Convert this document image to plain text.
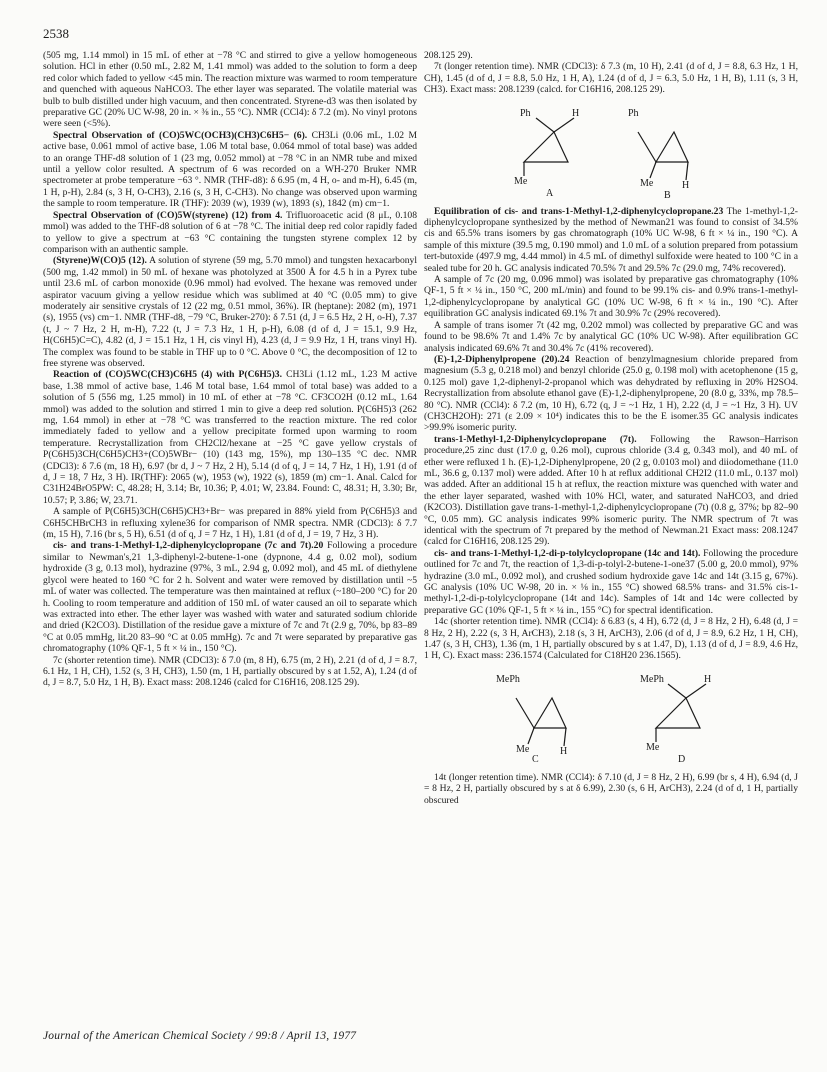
2538

(505 mg, 1.14 mmol) in 15 mL of ether at −78 °C and stirred to give a yellow homogeneous solution. HCl in ether (0.50 mL, 2.82 M, 1.41 mmol) was added to the solution to form a deep red color which faded to yellow <45 min. The reaction mixture was warmed to room temperature and quenched with aqueous NaHCO3. The ether layer was separated. The volatile material was bulb to bulb distilled under high vacuum, and then concentrated. Styrene-d3 was then isolated by preparative GC (20% UC W-98, 20 in. × ⅜ in., 55 °C). NMR (CCl4): δ 7.2 (m). No vinyl protons were seen (<5%).

Spectral Observation of (CO)5WC(OCH3)(CH3)C6H5− (6). CH3Li (0.06 mL, 1.02 M active base, 0.061 mmol of active base, 1.06 M total base, 0.064 mmol of total base) was added to an orange THF-d8 solution of 1 (23 mg, 0.052 mmol) at −78 °C in an NMR tube and mixed until a yellow color resulted. A spectrum of 6 was recorded on a WH-270 Bruker NMR spectrometer at probe temperature −63 °. NMR (THF-d8): δ 6.95 (m, 4 H, o- and m-H), 6.45 (m, 1 H, p-H), 2.84 (s, 3 H, O-CH3), 2.16 (s, 3 H, C-CH3). No change was observed upon warming the sample to room temperature. IR (THF): 2039 (w), 1939 (w), 1893 (s), 1842 (m) cm−1.

Spectral Observation of (CO)5W(styrene) (12) from 4. Trifluoroacetic acid (8 μL, 0.108 mmol) was added to the THF-d8 solution of 6 at −78 °C. The initial deep red color rapidly faded to yellow to give a spectrum at −63 °C containing the tungsten styrene complex 12 by comparison with an authentic sample.

(Styrene)W(CO)5 (12). A solution of styrene (59 mg, 5.70 mmol) and tungsten hexacarbonyl (500 mg, 1.42 mmol) in 50 mL of hexane was photolyzed at 3500 Å for 4.5 h in a Pyrex tube until 23.6 mL of carbon monoxide (0.96 mmol) had evolved. The hexane was removed under aspirator vacuum giving a yellow residue which was sublimed at 40 °C (0.05 mm) to give moderately air sensitive crystals of 12 (22 mg, 0.51 mmol, 36%). IR (heptane): 2082 (m), 1971 (s), 1955 (vs) cm−1. NMR (THF-d8, −79 °C, Bruker-270): δ 7.51 (d, J = 6.5 Hz, 2 H, o-H), 7.37 (t, J ~ 7 Hz, 2 H, m-H), 7.22 (t, J = 7.3 Hz, 1 H, p-H), 6.08 (d of d, J = 15.1, 9.9 Hz, H(C6H5)C=C), 4.82 (d, J = 15.1 Hz, 1 H, cis vinyl H), 4.23 (d, J = 9.9 Hz, 1 H, trans vinyl H). The complex was found to be stable in THF up to 0 °C. Above 0 °C, the decomposition of 12 to free styrene was observed.

Reaction of (CO)5WC(CH3)C6H5 (4) with P(C6H5)3. CH3Li (1.12 mL, 1.23 M active base, 1.38 mmol of active base, 1.46 M total base, 1.64 mmol of total base) was added to a solution of 5 (556 mg, 1.25 mmol) in 10 mL of ether at −78 °C. CF3CO2H (0.12 mL, 1.64 mmol) was added to the solution and stirred 1 min to give a deep red solution. P(C6H5)3 (262 mg, 1.64 mmol) in ether at −78 °C was transferred to the reaction mixture. The red color immediately faded to yellow and a yellow precipitate formed upon warming to room temperature. Recrystallization from CH2Cl2/hexane at −25 °C gave yellow crystals of P(C6H5)3CH(C6H5)CH3+(CO)5WBr− (10) (143 mg, 15%), mp 130–135 °C dec. NMR (CDCl3): δ 7.6 (m, 18 H), 6.97 (br d, J ~ 7 Hz, 2 H), 5.14 (d of q, J = 14, 7 Hz, 1 H), 1.91 (d of d, J = 18, 7 Hz, 3 H). IR(THF): 2065 (w), 1953 (w), 1922 (s), 1859 (m) cm−1. Anal. Calcd for C31H24BrO5PW: C, 48.28; H, 3.14; Br, 10.36; P, 4.01; W, 23.84. Found: C, 48.31; H, 3.30; Br, 10.57; P, 3.86; W, 23.71.

A sample of P(C6H5)3CH(C6H5)CH3+Br− was prepared in 88% yield from P(C6H5)3 and C6H5CHBrCH3 in refluxing xylene36 for comparison of NMR spectra. NMR (CDCl3): δ 7.7 (m, 15 H), 7.16 (br s, 5 H), 6.51 (d of q, J = 7 Hz, 1 H), 1.81 (d of d, J = 19, 7 Hz, 3 H).

cis- and trans-1-Methyl-1,2-diphenylcyclopropane (7c and 7t).20 Following a procedure similar to Newman's,21 1,3-diphenyl-2-butene-1-one (dypnone, 4.4 g, 0.02 mol), sodium hydroxide (3 g, 0.13 mol), hydrazine (97%, 3 mL, 2.94 g, 0.092 mol), and 45 mL of diethylene glycol were heated to 160 °C for 2 h. Solvent and water were removed by distillation until ~5 mL of water was collected. The temperature was then maintained at reflux (~180–200 °C) for 20 h. Cooling to room temperature and addition of 150 mL of water caused an oil to separate which was extracted into ether. The ether layer was washed with water and saturated sodium chloride and dried (K2CO3). Distillation of the residue gave a mixture of 7c and 7t (2.9 g, 70%, bp 83–89 °C at 0.05 mmHg, lit.20 83–90 °C at 0.05 mmHg). 7c and 7t were separated by preparative gas chromatography (10% QF-1, 5 ft × ¼ in., 150 °C).

7c (shorter retention time). NMR (CDCl3): δ 7.0 (m, 8 H), 6.75 (m, 2 H), 2.21 (d of d, J = 8.7, 6.1 Hz, 1 H, CH), 1.52 (s, 3 H, CH3), 1.50 (m, 1 H, partially obscured by s at 1.52, A), 1.24 (d of d, J = 8.7, 5.0 Hz, 1 H, B). Exact mass: 208.1246 (calcd for C16H16, 208.125 29).

208.125 29).

7t (longer retention time). NMR (CDCl3): δ 7.3 (m, 10 H), 2.41 (d of d, J = 8.8, 6.3 Hz, 1 H, CH), 1.45 (d of d, J = 8.8, 5.0 Hz, 1 H, A), 1.24 (d of d, J = 6.3, 5.0 Hz, 1 H, B), 1.11 (s, 3 H, CH3). Exact mass: 208.1239 (calcd. for C16H16, 208.125 29).

Ph	H
Me
A
Ph
Me	H
B

Equilibration of cis- and trans-1-Methyl-1,2-diphenylcyclopropane.23 The 1-methyl-1,2-diphenylcyclopropane synthesized by the method of Newman21 was found to consist of 34.5% cis and 65.5% trans isomers by gas chromatograph (10% UC W-98, 6 ft × ¼ in., 190 °C). A sample of this mixture (39.5 mg, 0.190 mmol) and 1.0 mL of a solution prepared from potassium tert-butoxide (497.9 mg, 4.44 mmol) in 4.5 mL of dimethyl sulfoxide were heated to 100 °C in a sealed tube for 20 h. GC analysis indicated 70.5% 7t and 29.5% 7c (29.0 mg, 74% recovered).

A sample of 7c (20 mg, 0.096 mmol) was isolated by preparative gas chromatography (10% QF-1, 5 ft × ¼ in., 150 °C, 200 mL/min) and found to be 99.1% cis- and 0.9% trans-1-methyl-1,2-diphenylcyclopropane by analytical GC (10% UC W-98, 6 ft × ¼ in., 190 °C). After equilibration GC analysis indicated 69.1% 7t and 30.9% 7c (29% recovered).

A sample of trans isomer 7t (42 mg, 0.202 mmol) was collected by preparative GC and was found to be 98.6% 7t and 1.4% 7c by analytical GC (10% UC W-98). After equilibration GC analysis indicated 69.6% 7t and 30.4% 7c (41% recovered).

(E)-1,2-Diphenylpropene (20).24 Reaction of benzylmagnesium chloride prepared from magnesium (5.3 g, 0.218 mol) and benzyl chloride (25.0 g, 0.198 mol) with acetophenone (15 g, 0.125 mol) gave 1,2-diphenyl-2-propanol which was dehydrated by refluxing in 20% H2SO4. Recrystallization from absolute ethanol gave (E)-1,2-diphenylpropene, 20 (8.0 g, 33%, mp 78.5–80 °C). NMR (CCl4): δ 7.2 (m, 10 H), 6.72 (q, J = ~1 Hz, 1 H), 2.22 (d, J = ~1 Hz, 3 H). UV (CH3CH2OH): 271 (ε 2.09 × 10⁴) indicates this to be the E isomer.35 GC analysis indicates >99.9% isomeric purity.

trans-1-Methyl-1,2-Diphenylcyclopropane (7t). Following the Rawson–Harrison procedure,25 zinc dust (17.0 g, 0.26 mol), cuprous chloride (3.4 g, 0.343 mol), and 40 mL of ether were refluxed 1 h. (E)-1,2-Diphenylpropene, 20 (2 g, 0.0103 mol) and diiodomethane (11.0 mL, 36.6 g, 0.137 mol) were added. After 10 h at reflux additional CH2I2 (11.0 mL, 0.137 mol) was added. After an additional 15 h at reflux, the reaction mixture was quenched with water and the ether layer separated, washed with 10% HCl, water, and saturated NaHCO3, and dried (K2CO3). Distillation gave trans-1-methyl-1,2-diphenylcyclopropane (7t) (0.8 g, 37%; bp 82–90 °C, 0.05 mm). GC analysis indicates 99% isomeric purity. The NMR spectrum of 7t was identical with the spectrum of 7t prepared by the method of Newman.21 Exact mass: 208.1247 (calcd for C16H16, 208.125 29).

cis- and trans-1-Methyl-1,2-di-p-tolylcyclopropane (14c and 14t). Following the procedure outlined for 7c and 7t, the reaction of 1,3-di-p-tolyl-2-butene-1-one37 (5.00 g, 20.0 mmol), 97% hydrazine (3.0 mL, 0.092 mol), and crushed sodium hydroxide gave 14c and 14t (3.15 g, 67%). GC analysis (10% UC W-98, 20 in. × ⅛ in., 155 °C) showed 68.5% trans- and 31.5% cis-1-methyl-1,2-di-p-tolylcyclopropane (14t and 14c). Samples of 14t and 14c were collected by preparative GC (10% QF-1, 5 ft × ¼ in., 155 °C) for spectral identification.

14c (shorter retention time). NMR (CCl4): δ 6.83 (s, 4 H), 6.72 (d, J = 8 Hz, 2 H), 6.48 (d, J = 8 Hz, 2 H), 2.22 (s, 3 H, ArCH3), 2.18 (s, 3 H, ArCH3), 2.06 (d of d, J = 8.9, 6.2 Hz, 1 H, CH), 1.47 (s, 3 H, CH3), 1.36 (m, 1 H, partially obscured by s at 1.47, D), 1.13 (d of d, J = 8.9, 4.6 Hz, 1 H, C). Exact mass: 236.1574 (Calculated for C18H20 236.1565).

MePh
Me	H
C
MePh	H
Me
D

14t (longer retention time). NMR (CCl4): δ 7.10 (d, J = 8 Hz, 2 H), 6.99 (br s, 4 H), 6.94 (d, J = 8 Hz, 2 H, partially obscured by s at δ 6.99), 2.30 (s, 6 H, ArCH3), 2.24 (d of d, 1 H, partially obscured

Journal of the American Chemical Society / 99:8 / April 13, 1977
